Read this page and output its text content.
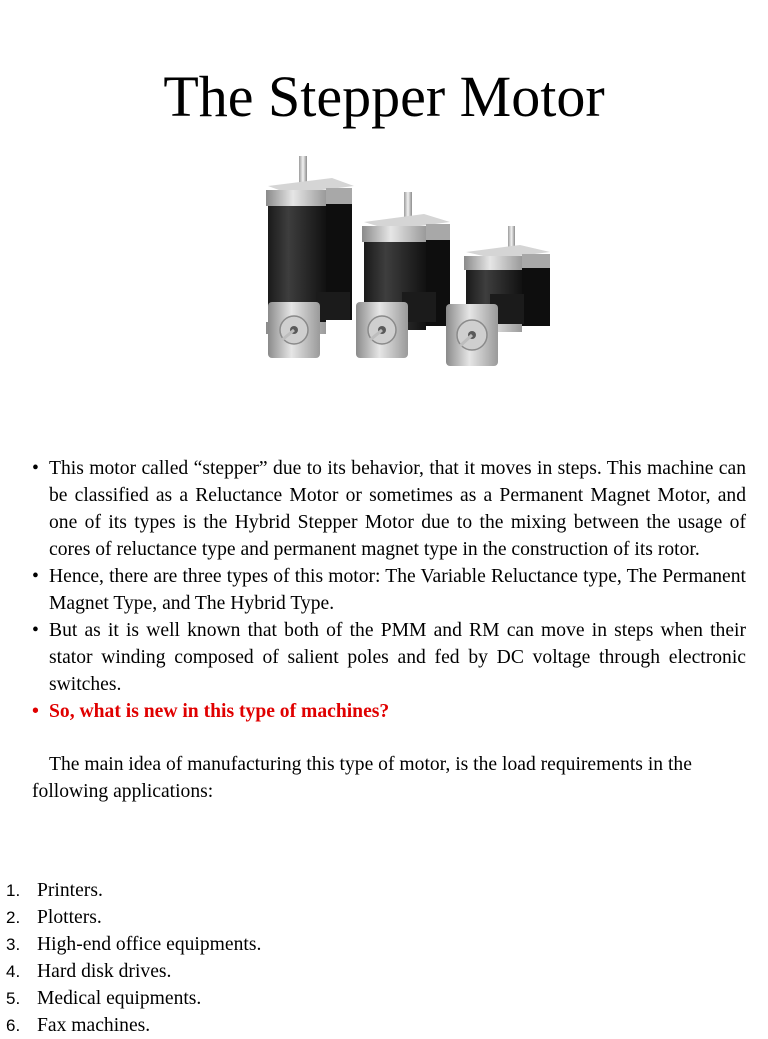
The Stepper Motor
• This motor called “stepper” due to its behavior, that it moves in steps. This machine can be classified as a Reluctance Motor or sometimes as a Permanent Magnet Motor, and one of its types is the Hybrid Stepper Motor due to the mixing between the usage of cores of reluctance type and permanent magnet type in the construction of its rotor.
• Hence, there are three types of this motor: The Variable Reluctance type, The Permanent Magnet Type, and The Hybrid Type.
• But as it is well known that both of the PMM and RM can move in steps when their stator winding composed of salient poles and fed by DC voltage through electronic switches.
• So, what is new in this type of machines?

The main idea of manufacturing this type of motor, is the load requirements in the following applications:

1. Printers.
2. Plotters.
3. High-end office equipments.
4. Hard disk drives.
5. Medical equipments.
6. Fax machines.
